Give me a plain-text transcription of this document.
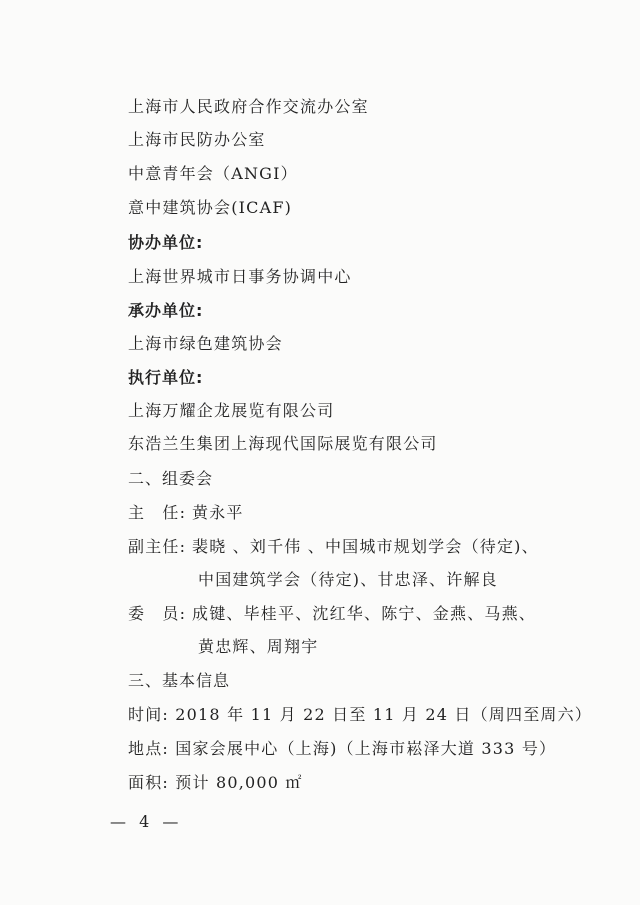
上海市人民政府合作交流办公室
上海市民防办公室
中意青年会（ANGI）
意中建筑协会(ICAF)
协办单位:
上海世界城市日事务协调中心
承办单位:
上海市绿色建筑协会
执行单位:
上海万耀企龙展览有限公司
东浩兰生集团上海现代国际展览有限公司
二、组委会
主　任: 黄永平
副主任: 裴晓 、刘千伟 、中国城市规划学会（待定)、
中国建筑学会（待定)、甘忠泽、许解良
委　员: 成键、毕桂平、沈红华、陈宁、金燕、马燕、
黄忠辉、周翔宇
三、基本信息
时间: 2018 年 11 月 22 日至 11 月 24 日（周四至周六）
地点: 国家会展中心（上海)（上海市崧泽大道 333 号）
面积: 预计 80,000 ㎡
— 4 —
